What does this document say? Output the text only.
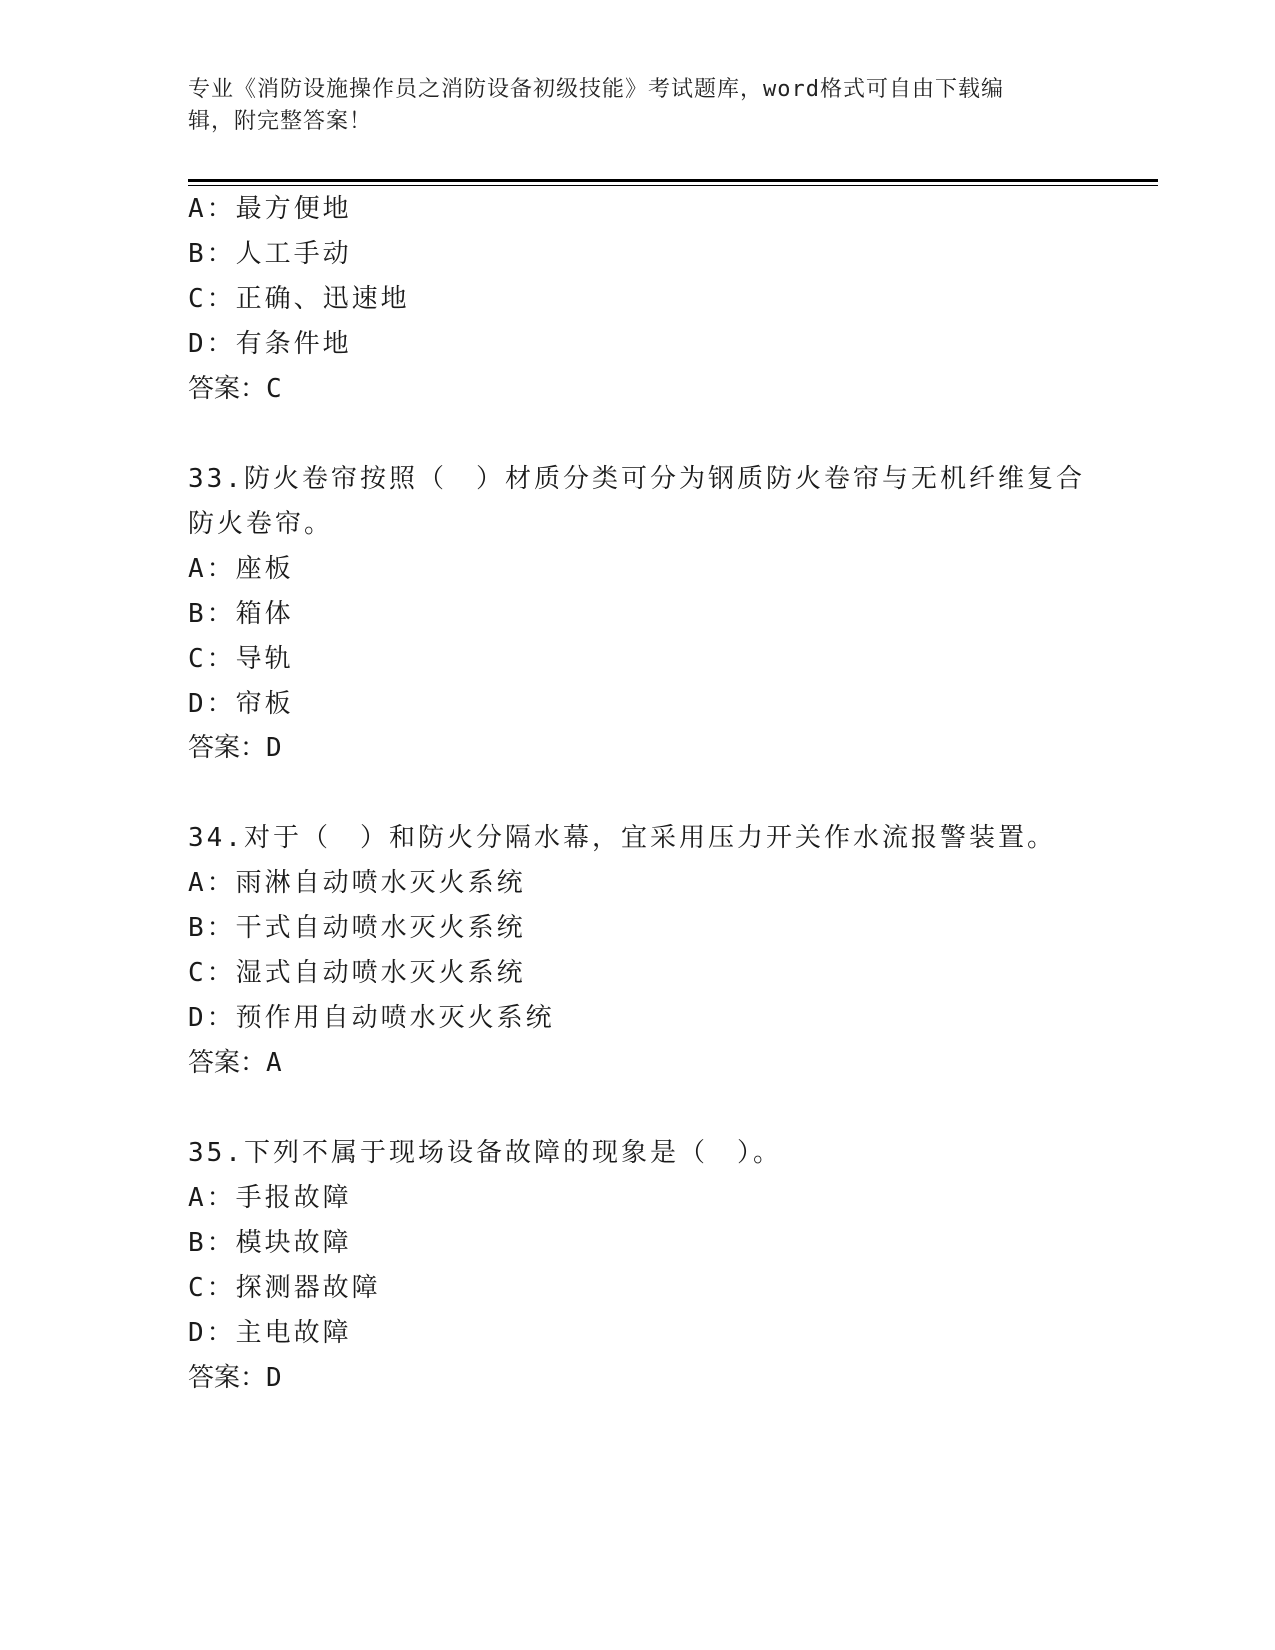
专业《消防设施操作员之消防设备初级技能》考试题库，word格式可自由下载编
辑，附完整答案！
A：最方便地
B：人工手动
C：正确、迅速地
D：有条件地
答案：C
33.防火卷帘按照（　）材质分类可分为钢质防火卷帘与无机纤维复合
防火卷帘。
A：座板
B：箱体
C：导轨
D：帘板
答案：D
34.对于（　）和防火分隔水幕，宜采用压力开关作水流报警装置。
A：雨淋自动喷水灭火系统
B：干式自动喷水灭火系统
C：湿式自动喷水灭火系统
D：预作用自动喷水灭火系统
答案：A
35.下列不属于现场设备故障的现象是（　）。
A：手报故障
B：模块故障
C：探测器故障
D：主电故障
答案：D
